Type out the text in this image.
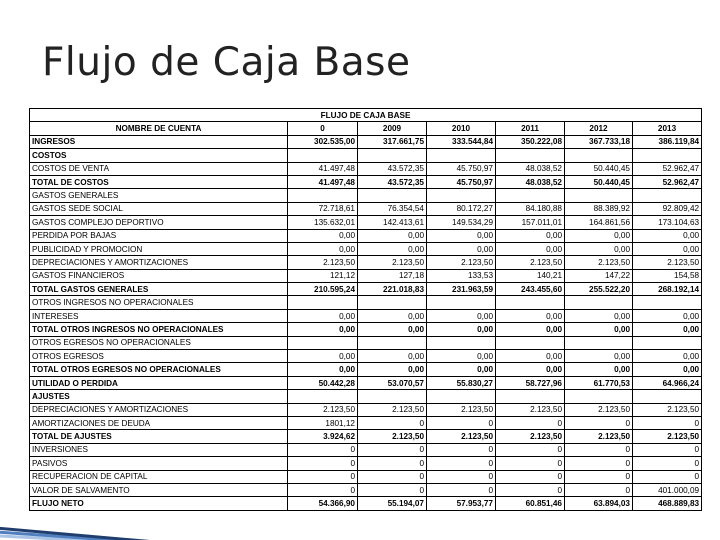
Flujo de Caja Base
FLUJO DE CAJA BASE						
NOMBRE DE CUENTA	0	2009	2010	2011	2012	2013
INGRESOS	302.535,00	317.661,75	333.544,84	350.222,08	367.733,18	386.119,84
COSTOS						
COSTOS DE VENTA	41.497,48	43.572,35	45.750,97	48.038,52	50.440,45	52.962,47
TOTAL DE COSTOS	41.497,48	43.572,35	45.750,97	48.038,52	50.440,45	52.962,47
GASTOS GENERALES						
GASTOS SEDE SOCIAL	72.718,61	76.354,54	80.172,27	84.180,88	88.389,92	92.809,42
GASTOS COMPLEJO DEPORTIVO	135.632,01	142.413,61	149.534,29	157.011,01	164.861,56	173.104,63
PERDIDA POR BAJAS	0,00	0,00	0,00	0,00	0,00	0,00
PUBLICIDAD Y PROMOCION	0,00	0,00	0,00	0,00	0,00	0,00
DEPRECIACIONES Y AMORTIZACIONES	2.123,50	2.123,50	2.123,50	2.123,50	2.123,50	2.123,50
GASTOS FINANCIEROS	121,12	127,18	133,53	140,21	147,22	154,58
TOTAL GASTOS GENERALES	210.595,24	221.018,83	231.963,59	243.455,60	255.522,20	268.192,14
OTROS INGRESOS NO OPERACIONALES						
INTERESES	0,00	0,00	0,00	0,00	0,00	0,00
TOTAL OTROS INGRESOS NO OPERACIONALES	0,00	0,00	0,00	0,00	0,00	0,00
OTROS EGRESOS NO OPERACIONALES						
OTROS EGRESOS	0,00	0,00	0,00	0,00	0,00	0,00
TOTAL OTROS EGRESOS NO OPERACIONALES	0,00	0,00	0,00	0,00	0,00	0,00
UTILIDAD O PERDIDA	50.442,28	53.070,57	55.830,27	58.727,96	61.770,53	64.966,24
AJUSTES						
DEPRECIACIONES Y AMORTIZACIONES	2.123,50	2.123,50	2.123,50	2.123,50	2.123,50	2.123,50
AMORTIZACIONES DE DEUDA	1801,12	0	0	0	0	0
TOTAL DE AJUSTES	3.924,62	2.123,50	2.123,50	2.123,50	2.123,50	2.123,50
INVERSIONES	0	0	0	0	0	0
PASIVOS	0	0	0	0	0	0
RECUPERACION DE CAPITAL	0	0	0	0	0	0
VALOR DE SALVAMENTO	0	0	0	0	0	401.000,09
FLUJO NETO	54.366,90	55.194,07	57.953,77	60.851,46	63.894,03	468.889,83
